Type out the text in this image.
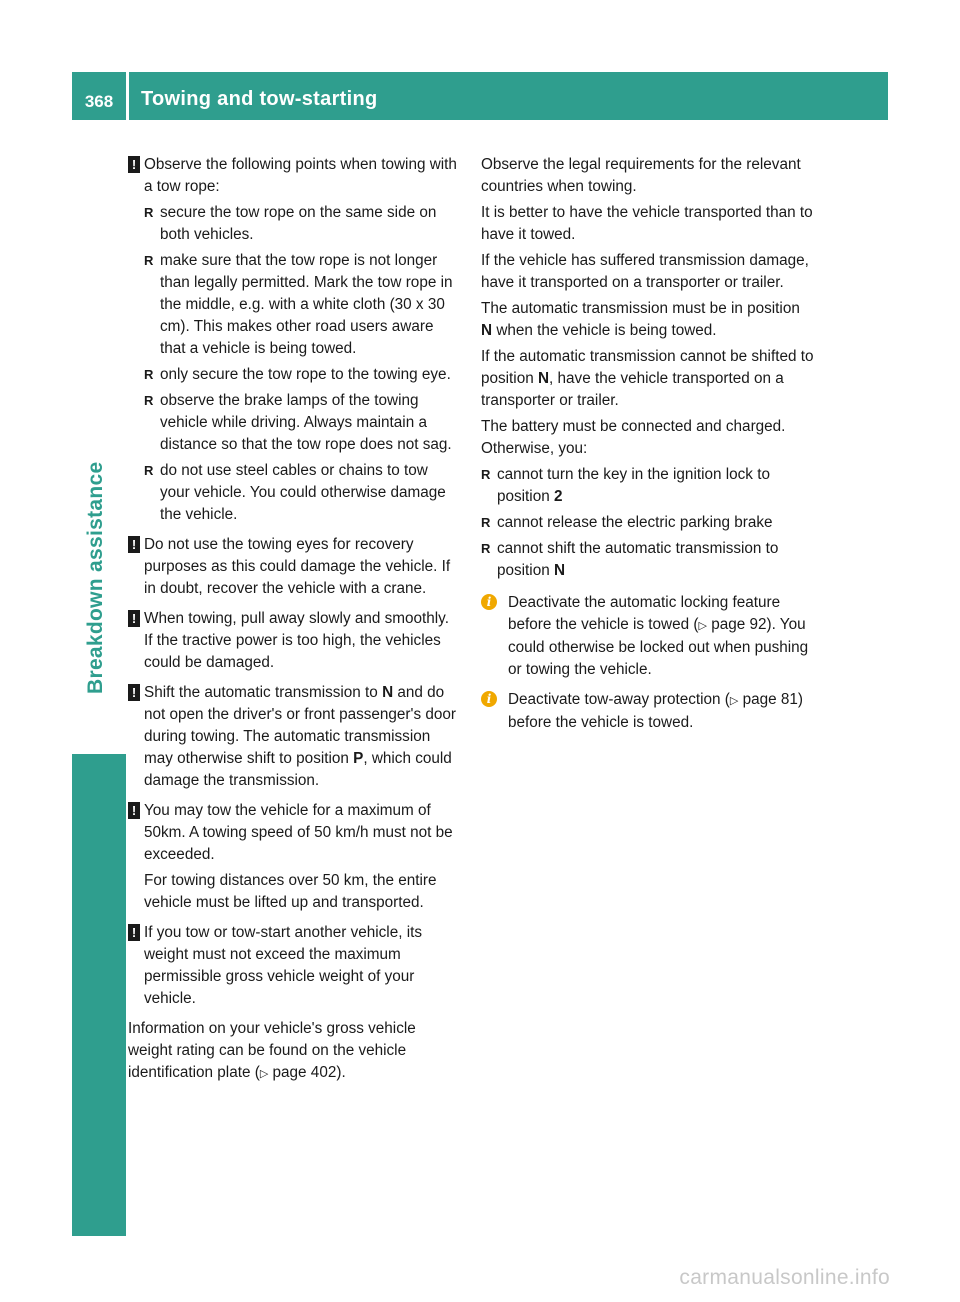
368	Towing and tow-starting
Breakdown assistance
! Observe the following points when towing with a tow rope:

R secure the tow rope on the same side on both vehicles.
R make sure that the tow rope is not longer than legally permitted. Mark the tow rope in the middle, e.g. with a white cloth (30 x 30 cm). This makes other road users aware that a vehicle is being towed.
R only secure the tow rope to the towing eye.
R observe the brake lamps of the towing vehicle while driving. Always maintain a distance so that the tow rope does not sag.
R do not use steel cables or chains to tow your vehicle. You could otherwise damage the vehicle.
! Do not use the towing eyes for recovery purposes as this could damage the vehicle. If in doubt, recover the vehicle with a crane.

! When towing, pull away slowly and smoothly. If the tractive power is too high, the vehicles could be damaged.

! Shift the automatic transmission to N and do not open the driver's or front passenger's door during towing. The automatic transmission may otherwise shift to position P, which could damage the transmission.

! You may tow the vehicle for a maximum of 50km. A towing speed of 50 km/h must not be exceeded.

For towing distances over 50 km, the entire vehicle must be lifted up and transported.

! If you tow or tow-start another vehicle, its weight must not exceed the maximum permissible gross vehicle weight of your vehicle.

Information on your vehicle's gross vehicle weight rating can be found on the vehicle identification plate (▷ page 402).

Observe the legal requirements for the relevant countries when towing.

It is better to have the vehicle transported than to have it towed.

If the vehicle has suffered transmission damage, have it transported on a transporter or trailer.

The automatic transmission must be in position N when the vehicle is being towed.

If the automatic transmission cannot be shifted to position N, have the vehicle transported on a transporter or trailer.

The battery must be connected and charged. Otherwise, you:

R cannot turn the key in the ignition lock to position 2
R cannot release the electric parking brake
R cannot shift the automatic transmission to position N
i	Deactivate the automatic locking feature before the vehicle is towed (▷ page 92). You could otherwise be locked out when pushing or towing the vehicle.

i	Deactivate tow-away protection (▷ page 81) before the vehicle is towed.

carmanualsonline.info
